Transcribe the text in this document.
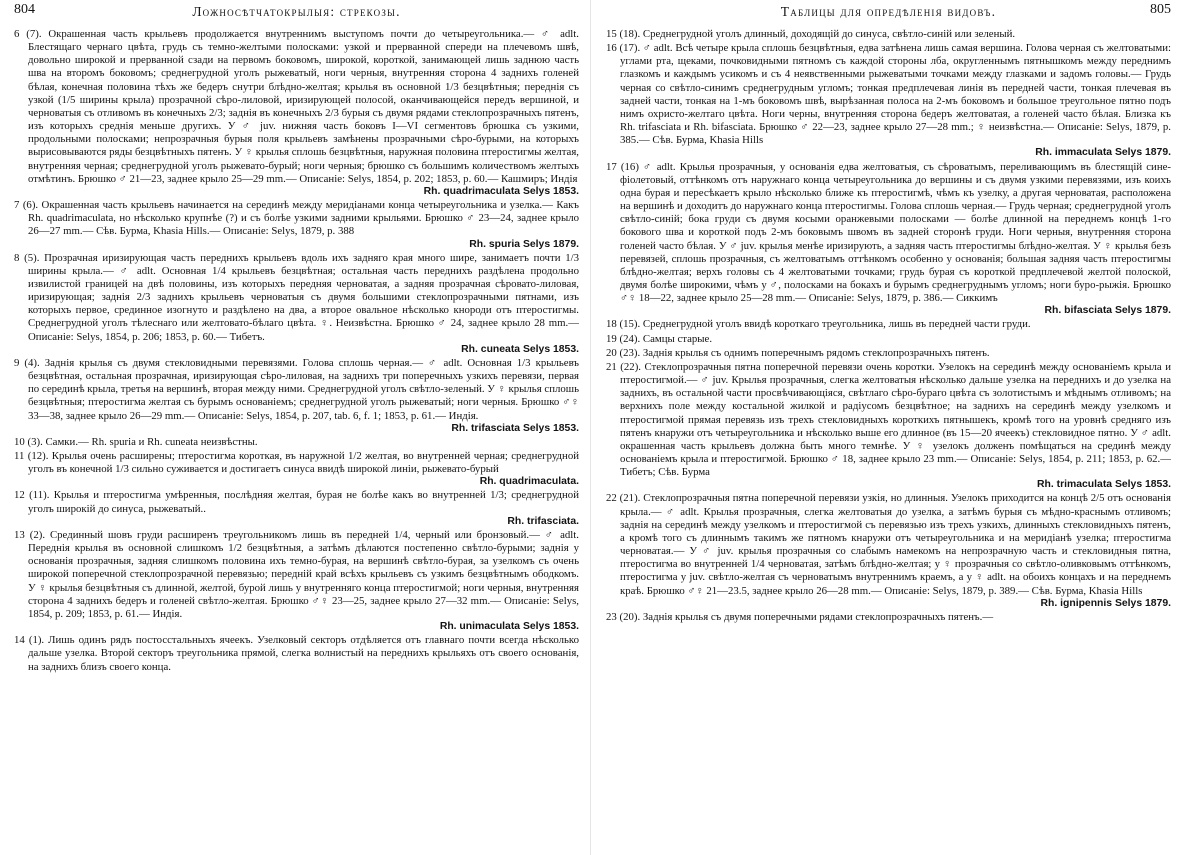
804	Ложносѣтчатокрылыя: стрекозы.

6 (7). Окрашенная часть крыльевъ продолжается внутреннимъ выступомъ почти до четыреугольника.— ♂ adlt. Блестящаго чернаго цвѣта, грудь съ темно-желтыми полосками: узкой и прерванной спереди на плечевомъ швѣ, довольно широкой и прерванной сзади на первомъ боковомъ, широкой, короткой, занимающей лишь заднюю часть шва на второмъ боковомъ; среднегрудной уголъ рыжеватый, ноги черныя, внутренняя сторона 4 заднихъ голеней бѣлая, конечная половина тѣхъ же бедеръ снутри блѣдно-желтая; крылья въ основной 1/3 безцвѣтныя; переднія съ узкой (1/5 ширины крыла) прозрачной сѣро-лиловой, иризирующей полосой, оканчивающейся передъ вершиной, и черноватыя съ отливомъ въ конечныхъ 2/3; заднія въ конечныхъ 2/3 бурыя съ двумя рядами стеклопрозрачныхъ пятенъ, изъ которыхъ среднія меньше другихъ. У ♂ juv. нижняя часть боковъ I—VI сегментовъ брюшка съ узкими, продольными полосками; непрозрачныя бурыя поля крыльевъ замѣнены прозрачными сѣро-бурыми, на которыхъ вырисовываются ряды безцвѣтныхъ пятенъ. У ♀ крылья сплошь безцвѣтныя, наружная половина птеростигмы желтая, внутренняя черная; среднегрудной уголъ рыжевато-бурый; ноги черныя; брюшко съ большимъ количествомъ желтыхъ отмѣтинъ. Брюшко ♂ 21—23, заднее крыло 25—29 mm.— Описаніе: Selys, 1854, p. 202; 1853, p. 60.— Кашмиръ; Индія
Rh. quadrimaculata Selys 1853.

7 (6). Окрашенная часть крыльевъ начинается на серединѣ между меридіанами конца четыреугольника и узелка.— Какъ Rh. quadrimaculata, но нѣсколько крупнѣе (?) и съ болѣе узкими задними крыльями. Брюшко ♂ 23—24, заднее крыло 26—27 mm.— Сѣв. Бурма, Khasia Hills.— Описаніе: Selys, 1879, p. 388
Rh. spuria Selys 1879.

8 (5). Прозрачная иризирующая часть переднихъ крыльевъ вдоль ихъ задняго края много шире, занимаетъ почти 1/3 ширины крыла.— ♂ adlt. Основная 1/4 крыльевъ безцвѣтная; остальная часть переднихъ раздѣлена продольно извилистой границей на двѣ половины, изъ которыхъ передняя черноватая, а задняя прозрачная сѣровато-лиловая, иризирующая; заднія 2/3 заднихъ крыльевъ черноватыя съ двумя большими стеклопрозрачными пятнами, изъ которыхъ первое, срединное изогнуто и раздѣлено на два, а второе овальное нѣсколько кнороди отъ птеростигмы. Среднегрудной уголъ тѣлеснаго или желтовато-бѣлаго цвѣта. ♀. Неизвѣстна. Брюшко ♂ 24, заднее крыло 28 mm.— Описаніе: Selys, 1854, p. 206; 1853, p. 60.— Тибетъ.
Rh. cuneata Selys 1853.

9 (4). Заднія крылья съ двумя стекловидными перевязями. Голова сплошь черная.— ♂ adlt. Основная 1/3 крыльевъ безцвѣтная, остальная прозрачная, иризирующая сѣро-лиловая, на заднихъ три поперечныхъ узкихъ перевязи, первая по серединѣ крыла, третья на вершинѣ, вторая между ними. Среднегрудной уголъ свѣтло-зеленый. У ♀ крылья сплошь безцвѣтныя; птеростигма желтая съ бурымъ основаніемъ; среднегрудной уголъ рыжеватый; ноги черныя. Брюшко ♂♀ 33—38, заднее крыло 26—29 mm.— Описаніе: Selys, 1854, p. 207, tab. 6, f. 1; 1853, p. 61.— Индія.
Rh. trifasciata Selys 1853.

10 (3). Самки.— Rh. spuria и Rh. cuneata неизвѣстны.

11 (12). Крылья очень расширены; птеростигма короткая, въ наружной 1/2 желтая, во внутренней черная; среднегрудной уголъ въ конечной 1/3 сильно суживается и достигаетъ синуса ввидѣ широкой линіи, рыжевато-бурый
Rh. quadrimaculata.

12 (11). Крылья и птеростигма умѣренныя, послѣдняя желтая, бурая не болѣе какъ во внутренней 1/3; среднегрудной уголъ широкій до синуса, рыжеватый..
Rh. trifasciata.

13 (2). Срединный шовъ груди расширенъ треугольникомъ лишь въ передней 1/4, черный или бронзовый.— ♂ adlt. Переднія крылья въ основной слишкомъ 1/2 безцвѣтныя, а затѣмъ дѣлаются постепенно свѣтло-бурыми; заднія у основанія прозрачныя, задняя слишкомъ половина ихъ темно-бурая, на вершинѣ свѣтло-бурая, за узелкомъ съ очень широкой поперечной стеклопрозрачной перевязью; передній край всѣхъ крыльевъ съ узкимъ безцвѣтнымъ ободкомъ. У ♀ крылья безцвѣтныя съ длинной, желтой, бурой лишь у внутренняго конца птеростигмой; ноги черныя, внутренняя сторона 4 заднихъ бедеръ и голеней свѣтло-желтая. Брюшко ♂♀ 23—25, заднее крыло 27—32 mm.— Описаніе: Selys, 1854, p. 209; 1853, p. 61.— Индія.
Rh. unimaculata Selys 1853.

14 (1). Лишь одинъ рядъ постосстальныхъ ячеекъ. Узелковый секторъ отдѣляется отъ главнаго почти всегда нѣсколько дальше узелка. Второй секторъ треугольника прямой, слегка волнистый на переднихъ крыльяхъ отъ своего основанія, на заднихъ близъ своего конца.

Таблицы для опредѣленія видовъ.	805

15 (18). Среднегрудной уголъ длинный, доходящій до синуса, свѣтло-синій или зеленый.

16 (17). ♂ adlt. Всѣ четыре крыла сплошь безцвѣтныя, едва затѣнена лишь самая вершина. Голова черная съ желтоватыми: углами рта, щеками, почковидными пятномъ съ каждой стороны лба, округленнымъ пятнышкомъ между переднимъ глазкомъ и каждымъ усикомъ и съ 4 неявственными рыжеватыми точками между глазками и задомъ головы.— Грудь черная со свѣтло-синимъ среднегрудным угломъ; тонкая предплечевая линія въ передней части, тонкая плечевая въ задней части, тонкая на 1-мъ боковомъ швѣ, вырѣзанная полоса на 2-мъ боковомъ и большое треугольное пятно подъ нимъ охристо-желтаго цвѣта. Ноги черны, внутренняя сторона бедеръ желтоватая, а голеней часто бѣлая. Близка къ Rh. trifasciata и Rh. bifasciata. Брюшко ♂ 22—23, заднее крыло 27—28 mm.; ♀ неизвѣстна.— Описаніе: Selys, 1879, p. 385.— Сѣв. Бурма, Khasia Hills
Rh. immaculata Selys 1879.

17 (16) ♂ adlt. Крылья прозрачныя, у основанія едва желтоватыя, съ сѣроватымъ, переливающимъ въ блестящій сине-фіолетовый, оттѣнкомъ отъ наружнаго конца четыреугольника до вершины и съ двумя узкими перевязями, изъ коихъ одна бурая и пересѣкаетъ крыло нѣсколько ближе къ птеростигмѣ, чѣмъ къ узелку, а другая черноватая, расположена на вершинѣ и доходитъ до наружнаго конца птеростигмы. Голова сплошь черная.— Грудь черная; среднегрудной уголъ свѣтло-синій; бока груди съ двумя косыми оранжевыми полосками — болѣе длинной на переднемъ концѣ 1-го бокового шва и короткой подъ 2-мъ боковымъ швомъ въ задней сторонѣ груди. Ноги черныя, внутренняя сторона голеней часто бѣлая. У ♂ juv. крылья менѣе иризирують, а задняя часть птеростигмы блѣдно-желтая. У ♀ крылья безъ перевязей, сплошь прозрачныя, съ желтоватымъ оттѣнкомъ особенно у основанія; большая задняя часть птеростигмы блѣдно-желтая; верхъ головы съ 4 желтоватыми точками; грудь бурая съ короткой предплечевой желтой полоской, двумя болѣе широкими, чѣмъ у ♂, полосками на бокахъ и бурымъ среднегруднымъ угломъ; ноги буро-рыжія. Брюшко ♂♀ 18—22, заднее крыло 25—28 mm.— Описаніе: Selys, 1879, p. 386.— Сиккимъ
Rh. bifasciata Selys 1879.

18 (15). Среднегрудной уголъ ввидѣ короткаго треугольника, лишь въ передней части груди.

19 (24). Самцы старые.

20 (23). Заднія крылья съ однимъ поперечнымъ рядомъ стеклопрозрачныхъ пятенъ.

21 (22). Стеклопрозрачныя пятна поперечной перевязи очень коротки. Узелокъ на серединѣ между основаніемъ крыла и птеростигмой.— ♂ juv. Крылья прозрачныя, слегка желтоватыя нѣсколько дальше узелка на переднихъ и до узелка на заднихъ, въ остальной части просвѣчивающіяся, свѣтлаго сѣро-бураго цвѣта съ золотистымъ и мѣднымъ отливомъ; на верхнихъ поле между костальной жилкой и радіусомъ безцвѣтное; на заднихъ на серединѣ между узелкомъ и птеростигмой прямая перевязь изъ трехъ стекловидныхъ короткихъ пятнышекъ, кромѣ того на уровнѣ средняго изъ пятенъ кнаружи отъ четыреугольника и нѣсколько выше его длинное (въ 15—20 ячеекъ) стекловидное пятно. У ♂ adlt. окрашенная часть крыльевъ должна быть много темнѣе. У ♀ узелокъ долженъ помѣщаться на срединѣ между основаніемъ крыла и птеростигмой. Брюшко ♂ 18, заднее крыло 23 mm.— Описаніе: Selys, 1854, p. 211; 1853, p. 62.— Тибетъ; Сѣв. Бурма
Rh. trimaculata Selys 1853.

22 (21). Стеклопрозрачныя пятна поперечной перевязи узкія, но длинныя. Узелокъ приходится на концѣ 2/5 отъ основанія крыла.— ♂ adlt. Крылья прозрачныя, слегка желтоватыя до узелка, а затѣмъ бурыя съ мѣдно-краснымъ отливомъ; заднія на серединѣ между узелкомъ и птеростигмой съ перевязью изъ трехъ узкихъ, длинныхъ стекловидныхъ пятенъ, а кромѣ того съ длиннымъ такимъ же пятномъ кнаружи отъ четыреугольника и на меридіанѣ узелка; птеростигма черноватая.— У ♂ juv. крылья прозрачныя со слабымъ намекомъ на непрозрачную часть и стекловидныя пятна, птеростигма во внутренней 1/4 черноватая, затѣмъ блѣдно-желтая; у ♀ прозрачныя со свѣтло-оливковымъ оттѣнкомъ, птеростигма у juv. свѣтло-желтая съ черноватымъ внутреннимъ краемъ, а у ♀ adlt. на обоихъ концахъ и на переднемъ краѣ. Брюшко ♂♀ 21—23.5, заднее крыло 26—28 mm.— Описаніе: Selys, 1879, p. 389.— Сѣв. Бурма, Khasia Hills
Rh. ignipennis Selys 1879.

23 (20). Заднія крылья съ двумя поперечными рядами стеклопрозрачныхъ пятенъ.—
